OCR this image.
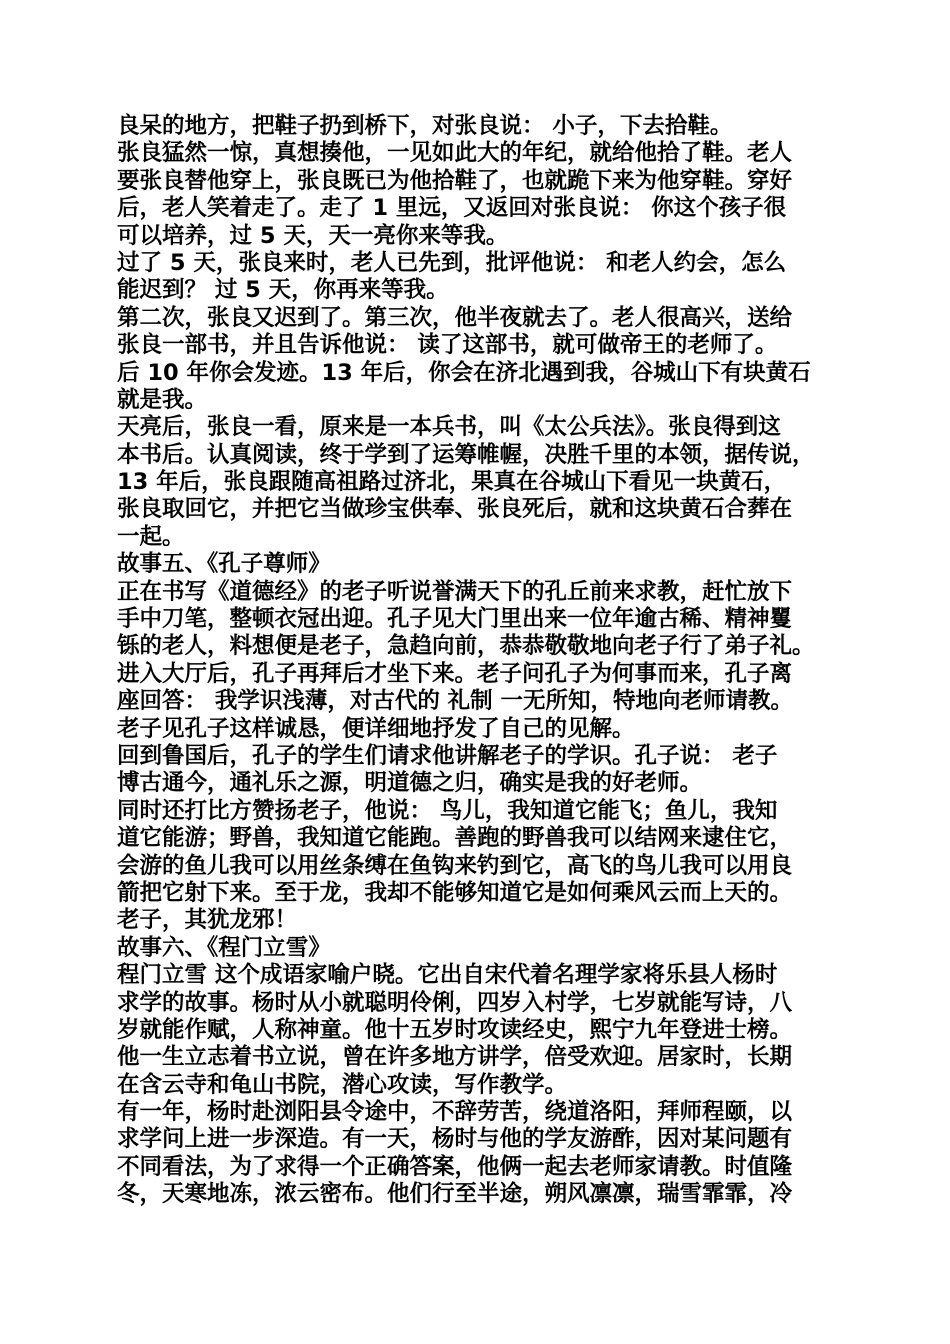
良呆的地方，把鞋子扔到桥下，对张良说： 小子，下去拾鞋。
张良猛然一惊，真想揍他，一见如此大的年纪，就给他拾了鞋。老人
要张良替他穿上，张良既已为他拾鞋了，也就跪下来为他穿鞋。穿好
后，老人笑着走了。走了 1 里远，又返回对张良说： 你这个孩子很
可以培养，过 5 天，天一亮你来等我。
过了 5 天，张良来时，老人已先到，批评他说： 和老人约会，怎么
能迟到？ 过 5 天，你再来等我。
第二次，张良又迟到了。第三次，他半夜就去了。老人很高兴，送给
张良一部书，并且告诉他说： 读了这部书，就可做帝王的老师了。
后 10 年你会发迹。13 年后，你会在济北遇到我，谷城山下有块黄石
就是我。
天亮后，张良一看，原来是一本兵书，叫《太公兵法》。张良得到这
本书后。认真阅读，终于学到了运筹帷幄，决胜千里的本领，据传说，
13 年后，张良跟随高祖路过济北，果真在谷城山下看见一块黄石，
张良取回它，并把它当做珍宝供奉、张良死后，就和这块黄石合葬在
一起。
故事五、《孔子尊师》
正在书写《道德经》的老子听说誉满天下的孔丘前来求教，赶忙放下
手中刀笔，整顿衣冠出迎。孔子见大门里出来一位年逾古稀、精神矍
铄的老人，料想便是老子，急趋向前，恭恭敬敬地向老子行了弟子礼。
进入大厅后，孔子再拜后才坐下来。老子问孔子为何事而来，孔子离
座回答： 我学识浅薄，对古代的 礼制 一无所知，特地向老师请教。
老子见孔子这样诚恳，便详细地抒发了自己的见解。
回到鲁国后，孔子的学生们请求他讲解老子的学识。孔子说： 老子
博古通今，通礼乐之源，明道德之归，确实是我的好老师。
同时还打比方赞扬老子，他说： 鸟儿，我知道它能飞；鱼儿，我知
道它能游；野兽，我知道它能跑。善跑的野兽我可以结网来逮住它，
会游的鱼儿我可以用丝条缚在鱼钩来钓到它，高飞的鸟儿我可以用良
箭把它射下来。至于龙，我却不能够知道它是如何乘风云而上天的。
老子，其犹龙邪！
故事六、《程门立雪》
程门立雪 这个成语家喻户晓。它出自宋代着名理学家将乐县人杨时
求学的故事。杨时从小就聪明伶俐，四岁入村学，七岁就能写诗，八
岁就能作赋，人称神童。他十五岁时攻读经史，熙宁九年登进士榜。
他一生立志着书立说，曾在许多地方讲学，倍受欢迎。居家时，长期
在含云寺和龟山书院，潜心攻读，写作教学。
有一年，杨时赴浏阳县令途中，不辞劳苦，绕道洛阳，拜师程颐，以
求学问上进一步深造。有一天，杨时与他的学友游酢，因对某问题有
不同看法，为了求得一个正确答案，他俩一起去老师家请教。时值隆
冬，天寒地冻，浓云密布。他们行至半途，朔风凛凛，瑞雪霏霏，冷
